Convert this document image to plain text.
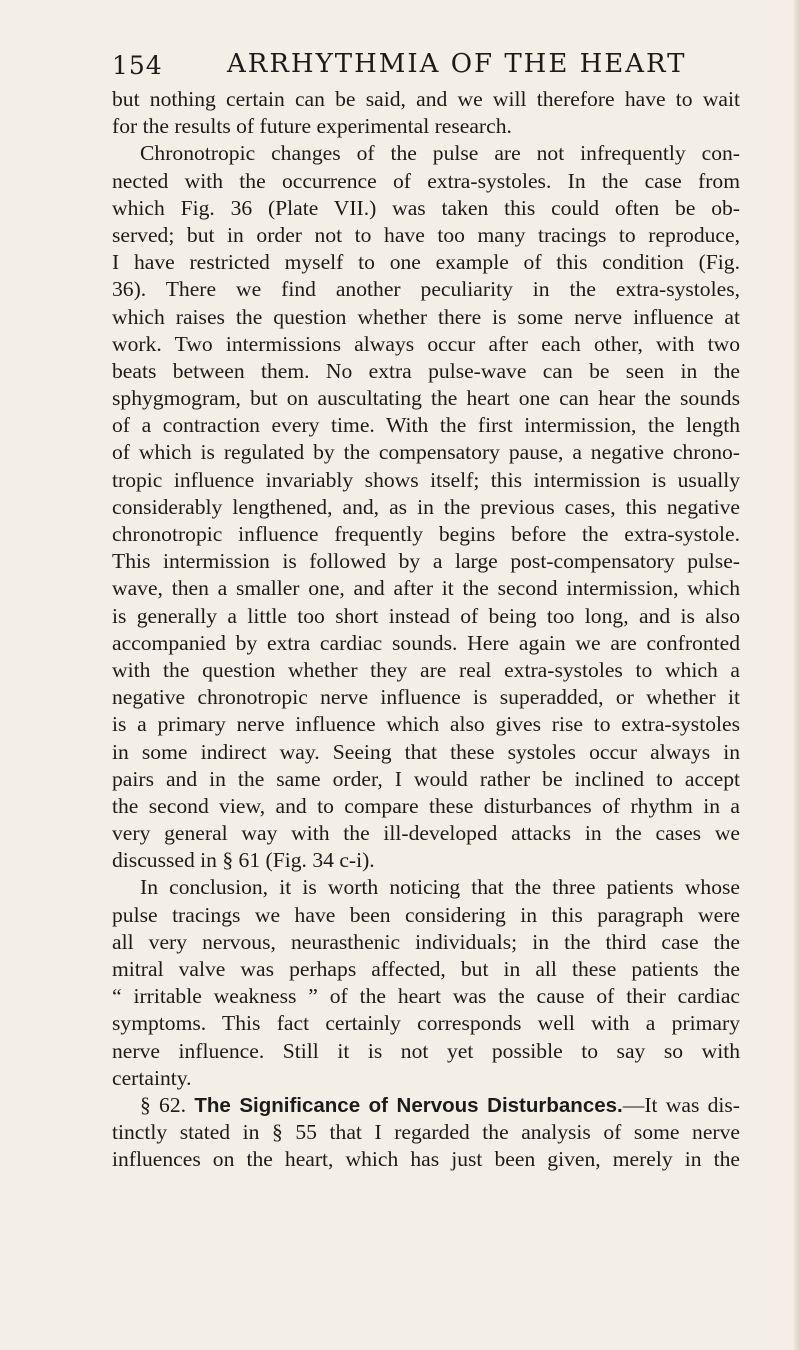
154 ARRHYTHMIA OF THE HEART
but nothing certain can be said, and we will therefore have to wait
for the results of future experimental research.
Chronotropic changes of the pulse are not infrequently con-
nected with the occurrence of extra-systoles. In the case from
which Fig. 36 (Plate VII.) was taken this could often be ob-
served; but in order not to have too many tracings to reproduce,
I have restricted myself to one example of this condition (Fig.
36). There we find another peculiarity in the extra-systoles,
which raises the question whether there is some nerve influence at
work. Two intermissions always occur after each other, with two
beats between them. No extra pulse-wave can be seen in the
sphygmogram, but on auscultating the heart one can hear the sounds
of a contraction every time. With the first intermission, the length
of which is regulated by the compensatory pause, a negative chrono-
tropic influence invariably shows itself; this intermission is usually
considerably lengthened, and, as in the previous cases, this negative
chronotropic influence frequently begins before the extra-systole.
This intermission is followed by a large post-compensatory pulse-
wave, then a smaller one, and after it the second intermission, which
is generally a little too short instead of being too long, and is also
accompanied by extra cardiac sounds. Here again we are confronted
with the question whether they are real extra-systoles to which a
negative chronotropic nerve influence is superadded, or whether it
is a primary nerve influence which also gives rise to extra-systoles
in some indirect way. Seeing that these systoles occur always in
pairs and in the same order, I would rather be inclined to accept
the second view, and to compare these disturbances of rhythm in a
very general way with the ill-developed attacks in the cases we
discussed in § 61 (Fig. 34 c-i).
In conclusion, it is worth noticing that the three patients whose
pulse tracings we have been considering in this paragraph were
all very nervous, neurasthenic individuals; in the third case the
mitral valve was perhaps affected, but in all these patients the
“ irritable weakness ” of the heart was the cause of their cardiac
symptoms. This fact certainly corresponds well with a primary
nerve influence. Still it is not yet possible to say so with
certainty.
§ 62. The Significance of Nervous Disturbances.—It was dis-
tinctly stated in § 55 that I regarded the analysis of some nerve
influences on the heart, which has just been given, merely in the
